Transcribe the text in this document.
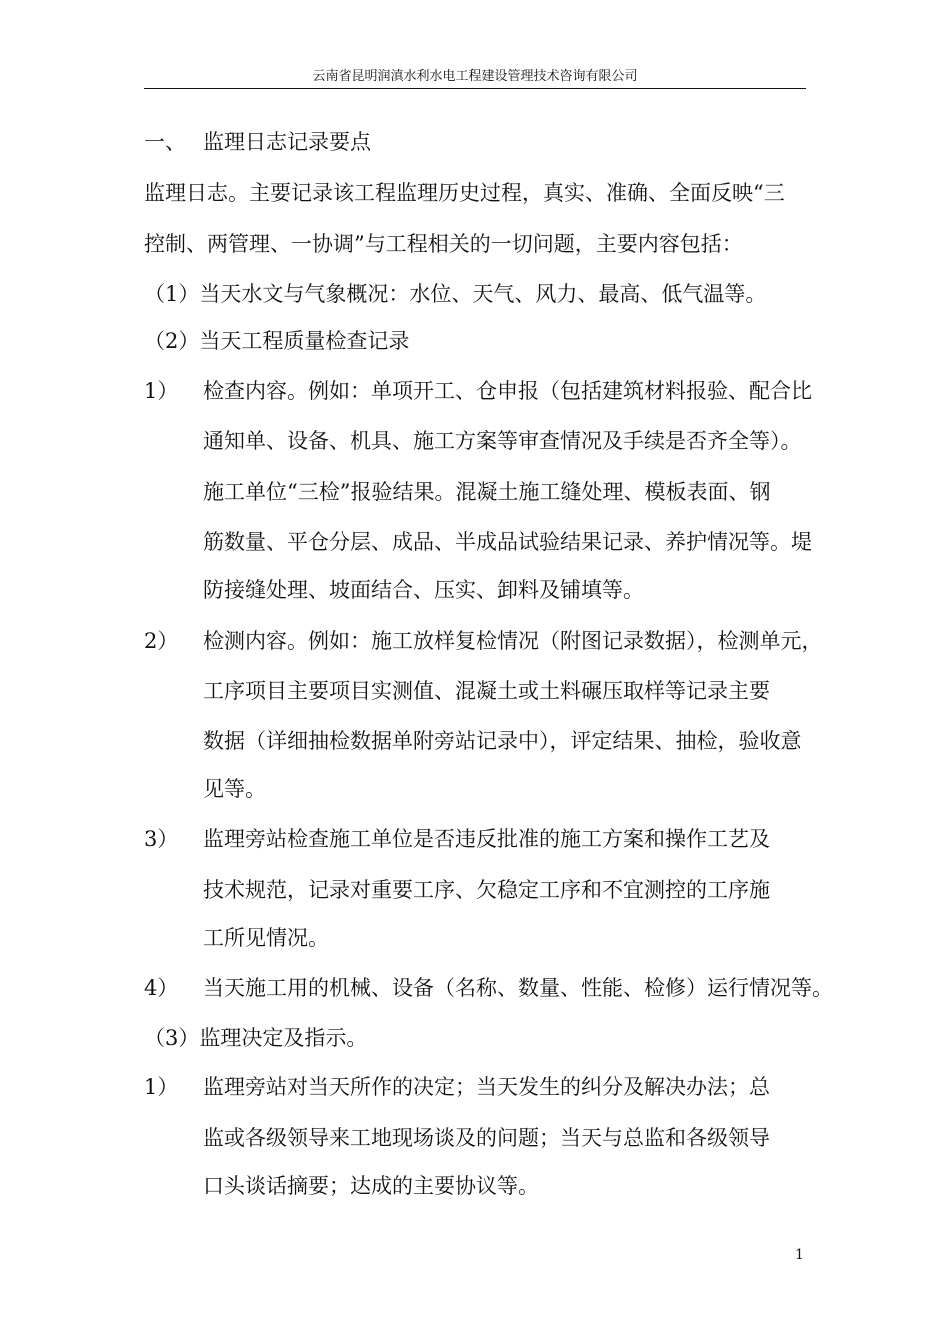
云南省昆明润滇水利水电工程建设管理技术咨询有限公司
一、 监理日志记录要点
监理日志。主要记录该工程监理历史过程，真实、准确、全面反映“三
控制、两管理、一协调”与工程相关的一切问题，主要内容包括：
（1）当天水文与气象概况：水位、天气、风力、最高、低气温等。
（2）当天工程质量检查记录
1） 检查内容。例如：单项开工、仓申报（包括建筑材料报验、配合比
通知单、设备、机具、施工方案等审查情况及手续是否齐全等）。
施工单位“三检”报验结果。混凝土施工缝处理、模板表面、钢
筋数量、平仓分层、成品、半成品试验结果记录、养护情况等。堤
防接缝处理、坡面结合、压实、卸料及铺填等。
2） 检测内容。例如：施工放样复检情况（附图记录数据），检测单元，
工序项目主要项目实测值、混凝土或土料碾压取样等记录主要
数据（详细抽检数据单附旁站记录中），评定结果、抽检，验收意
见等。
3） 监理旁站检查施工单位是否违反批准的施工方案和操作工艺及
技术规范，记录对重要工序、欠稳定工序和不宜测控的工序施
工所见情况。
4） 当天施工用的机械、设备（名称、数量、性能、检修）运行情况等。
（3）监理决定及指示。
1） 监理旁站对当天所作的决定；当天发生的纠分及解决办法；总
监或各级领导来工地现场谈及的问题；当天与总监和各级领导
口头谈话摘要；达成的主要协议等。
1
